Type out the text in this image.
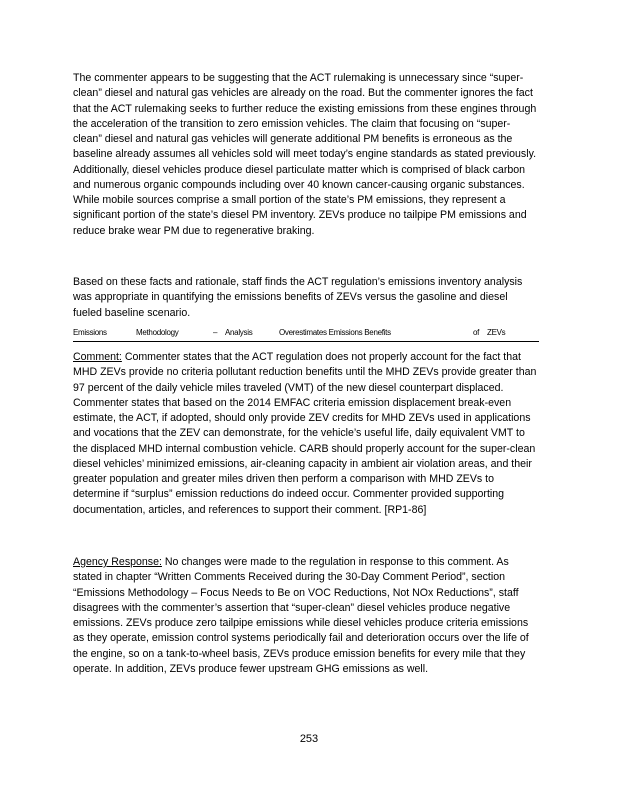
The commenter appears to be suggesting that the ACT rulemaking is unnecessary since “super- clean” diesel and natural gas vehicles are already on the road. But the commenter ignores the fact that the ACT rulemaking seeks to further reduce the existing emissions from these engines through the acceleration of the transition to zero emission vehicles. The claim that focusing on “super-clean” diesel and natural gas vehicles will generate additional PM benefits is erroneous as the baseline already assumes all vehicles sold will meet today’s engine standards as stated previously. Additionally, diesel vehicles produce diesel particulate matter which is comprised of black carbon and numerous organic compounds including over 40 known cancer-causing organic substances. While mobile sources comprise a small portion of the state’s PM emissions, they represent a significant portion of the state’s diesel PM inventory. ZEVs produce no tailpipe PM emissions and reduce brake wear PM due to regenerative braking.

Based on these facts and rationale, staff finds the ACT regulation’s emissions inventory analysis was appropriate in quantifying the emissions benefits of ZEVs versus the gasoline and diesel fueled baseline scenario.

Emissions	Methodology	– Analysis	Overestimates Emissions Benefits	of ZEVs

Comment: Commenter states that the ACT regulation does not properly account for the fact that MHD ZEVs provide no criteria pollutant reduction benefits until the MHD ZEVs provide greater than 97 percent of the daily vehicle miles traveled (VMT) of the new diesel counterpart displaced. Commenter states that based on the 2014 EMFAC criteria emission displacement break-even estimate, the ACT, if adopted, should only provide ZEV credits for MHD ZEVs used in applications and vocations that the ZEV can demonstrate, for the vehicle’s useful life, daily equivalent VMT to the displaced MHD internal combustion vehicle. CARB should properly account for the super-clean diesel vehicles’ minimized emissions, air-cleaning capacity in ambient air violation areas, and their greater population and greater miles driven then perform a comparison with MHD ZEVs to determine if “surplus” emission reductions do indeed occur. Commenter provided supporting documentation, articles, and references to support their comment. [RP1-86]

Agency Response: No changes were made to the regulation in response to this comment. As stated in chapter “Written Comments Received during the 30-Day Comment Period”, section “Emissions Methodology – Focus Needs to Be on VOC Reductions, Not NOx Reductions”, staff disagrees with the commenter’s assertion that “super-clean” diesel vehicles produce negative emissions. ZEVs produce zero tailpipe emissions while diesel vehicles produce criteria emissions as they operate, emission control systems periodically fail and deterioration occurs over the life of the engine, so on a tank-to-wheel basis, ZEVs produce emission benefits for every mile that they operate. In addition, ZEVs produce fewer upstream GHG emissions as well.

253
